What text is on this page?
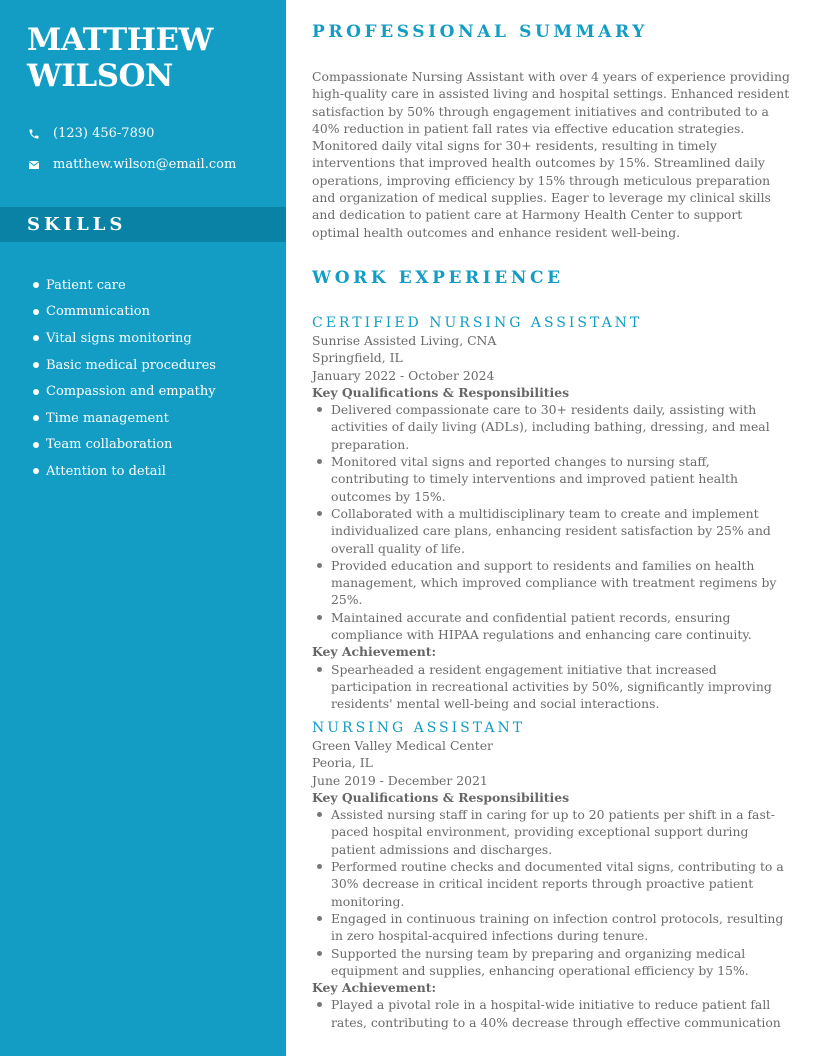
MATTHEW
WILSON
(123) 456-7890
matthew.wilson@email.com
SKILLS
Patient care
Communication
Vital signs monitoring
Basic medical procedures
Compassion and empathy
Time management
Team collaboration
Attention to detail
PROFESSIONAL SUMMARY
Compassionate Nursing Assistant with over 4 years of experience providing high-quality care in assisted living and hospital settings. Enhanced resident satisfaction by 50% through engagement initiatives and contributed to a 40% reduction in patient fall rates via effective education strategies. Monitored daily vital signs for 30+ residents, resulting in timely interventions that improved health outcomes by 15%. Streamlined daily operations, improving efficiency by 15% through meticulous preparation and organization of medical supplies. Eager to leverage my clinical skills and dedication to patient care at Harmony Health Center to support optimal health outcomes and enhance resident well-being.
WORK EXPERIENCE
CERTIFIED NURSING ASSISTANT
Sunrise Assisted Living, CNA
Springfield, IL
January 2022 - October 2024
Key Qualifications & Responsibilities
Delivered compassionate care to 30+ residents daily, assisting with activities of daily living (ADLs), including bathing, dressing, and meal preparation.
Monitored vital signs and reported changes to nursing staff, contributing to timely interventions and improved patient health outcomes by 15%.
Collaborated with a multidisciplinary team to create and implement individualized care plans, enhancing resident satisfaction by 25% and overall quality of life.
Provided education and support to residents and families on health management, which improved compliance with treatment regimens by 25%.
Maintained accurate and confidential patient records, ensuring compliance with HIPAA regulations and enhancing care continuity.
Key Achievement:
Spearheaded a resident engagement initiative that increased participation in recreational activities by 50%, significantly improving residents' mental well-being and social interactions.
NURSING ASSISTANT
Green Valley Medical Center
Peoria, IL
June 2019 - December 2021
Key Qualifications & Responsibilities
Assisted nursing staff in caring for up to 20 patients per shift in a fast-paced hospital environment, providing exceptional support during patient admissions and discharges.
Performed routine checks and documented vital signs, contributing to a 30% decrease in critical incident reports through proactive patient monitoring.
Engaged in continuous training on infection control protocols, resulting in zero hospital-acquired infections during tenure.
Supported the nursing team by preparing and organizing medical equipment and supplies, enhancing operational efficiency by 15%.
Key Achievement:
Played a pivotal role in a hospital-wide initiative to reduce patient fall rates, contributing to a 40% decrease through effective communication
